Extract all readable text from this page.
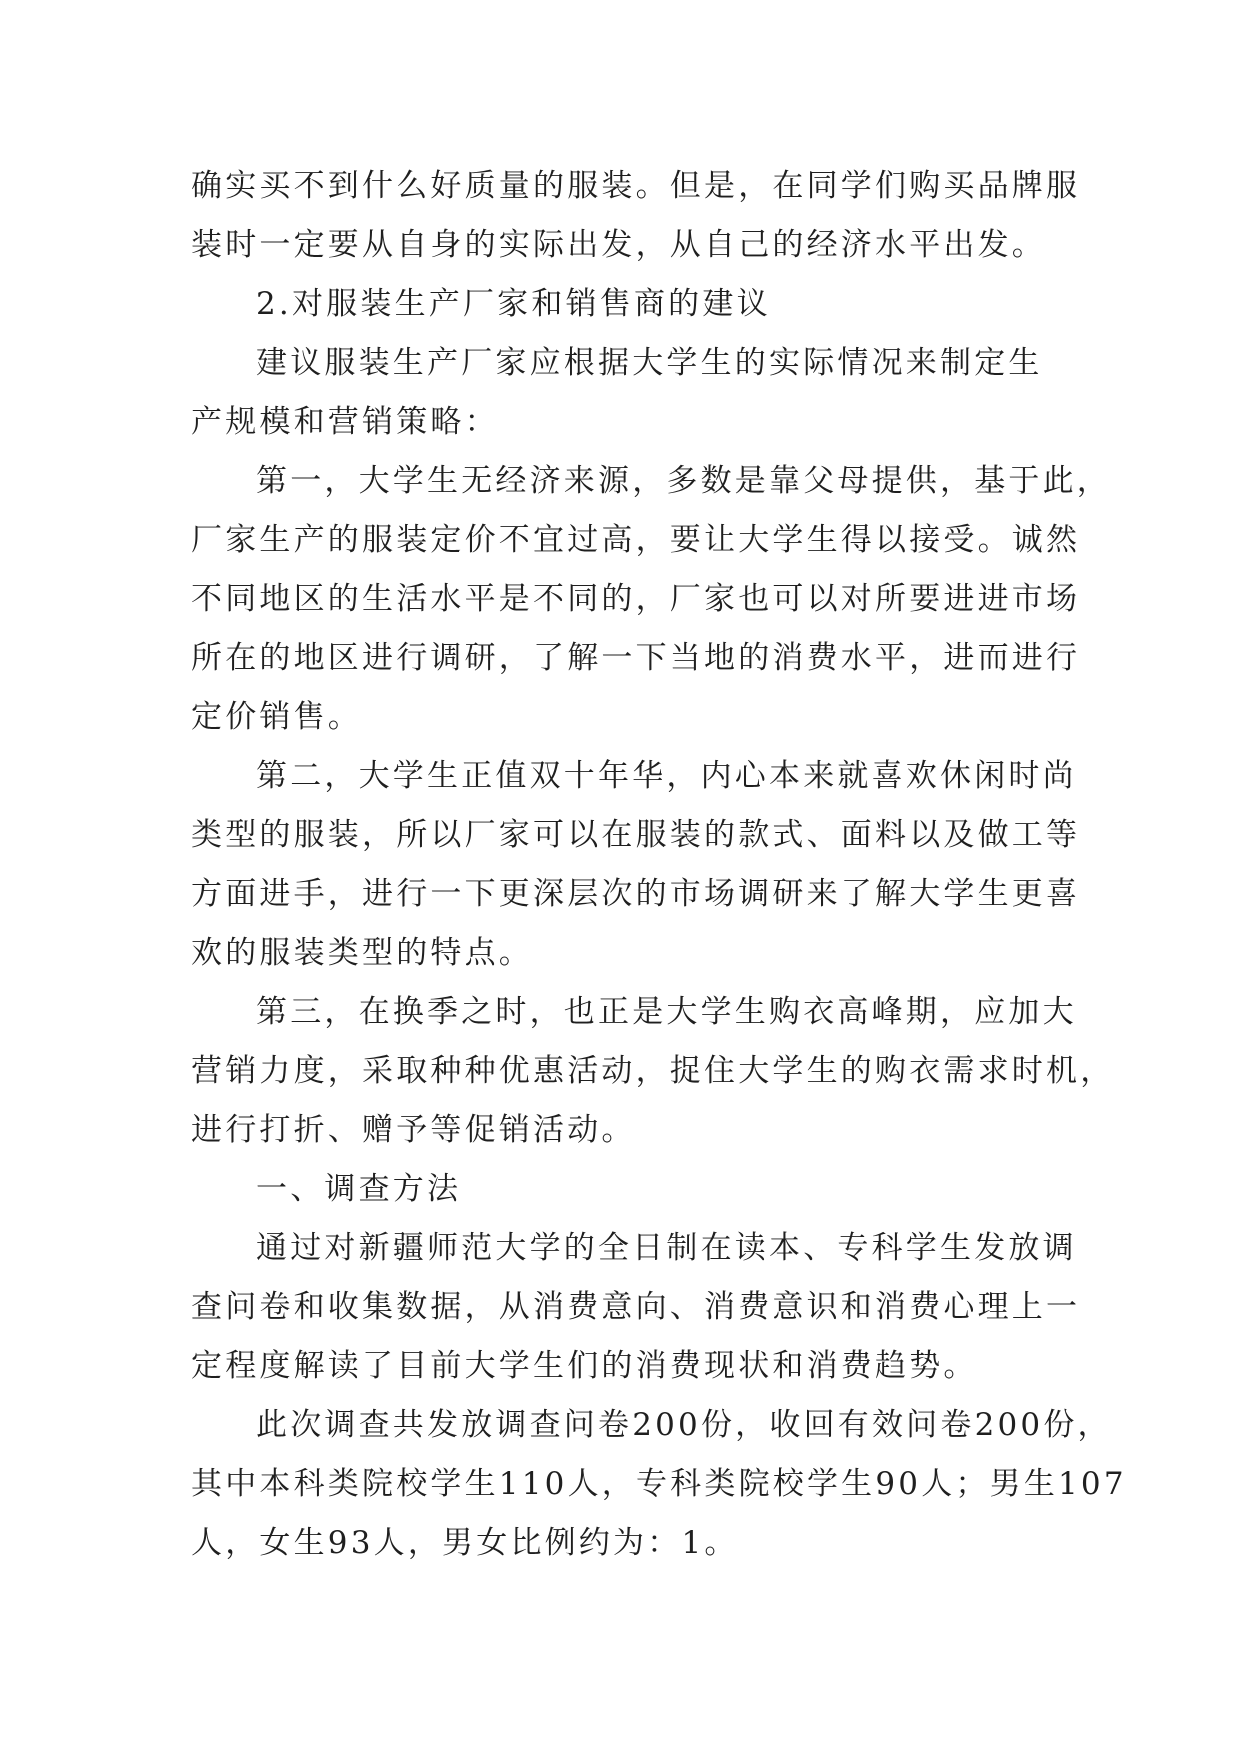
确实买不到什么好质量的服装。但是，在同学们购买品牌服
装时一定要从自身的实际出发，从自己的经济水平出发。
2.对服装生产厂家和销售商的建议
建议服装生产厂家应根据大学生的实际情况来制定生
产规模和营销策略：
第一，大学生无经济来源，多数是靠父母提供，基于此，
厂家生产的服装定价不宜过高，要让大学生得以接受。诚然
不同地区的生活水平是不同的，厂家也可以对所要进进市场
所在的地区进行调研，了解一下当地的消费水平，进而进行
定价销售。
第二，大学生正值双十年华，内心本来就喜欢休闲时尚
类型的服装，所以厂家可以在服装的款式、面料以及做工等
方面进手，进行一下更深层次的市场调研来了解大学生更喜
欢的服装类型的特点。
第三，在换季之时，也正是大学生购衣高峰期，应加大
营销力度，采取种种优惠活动，捉住大学生的购衣需求时机，
进行打折、赠予等促销活动。
一、调查方法
通过对新疆师范大学的全日制在读本、专科学生发放调
查问卷和收集数据，从消费意向、消费意识和消费心理上一
定程度解读了目前大学生们的消费现状和消费趋势。
此次调查共发放调查问卷200份，收回有效问卷200份，
其中本科类院校学生110人，专科类院校学生90人；男生107
人，女生93人，男女比例约为：1。
